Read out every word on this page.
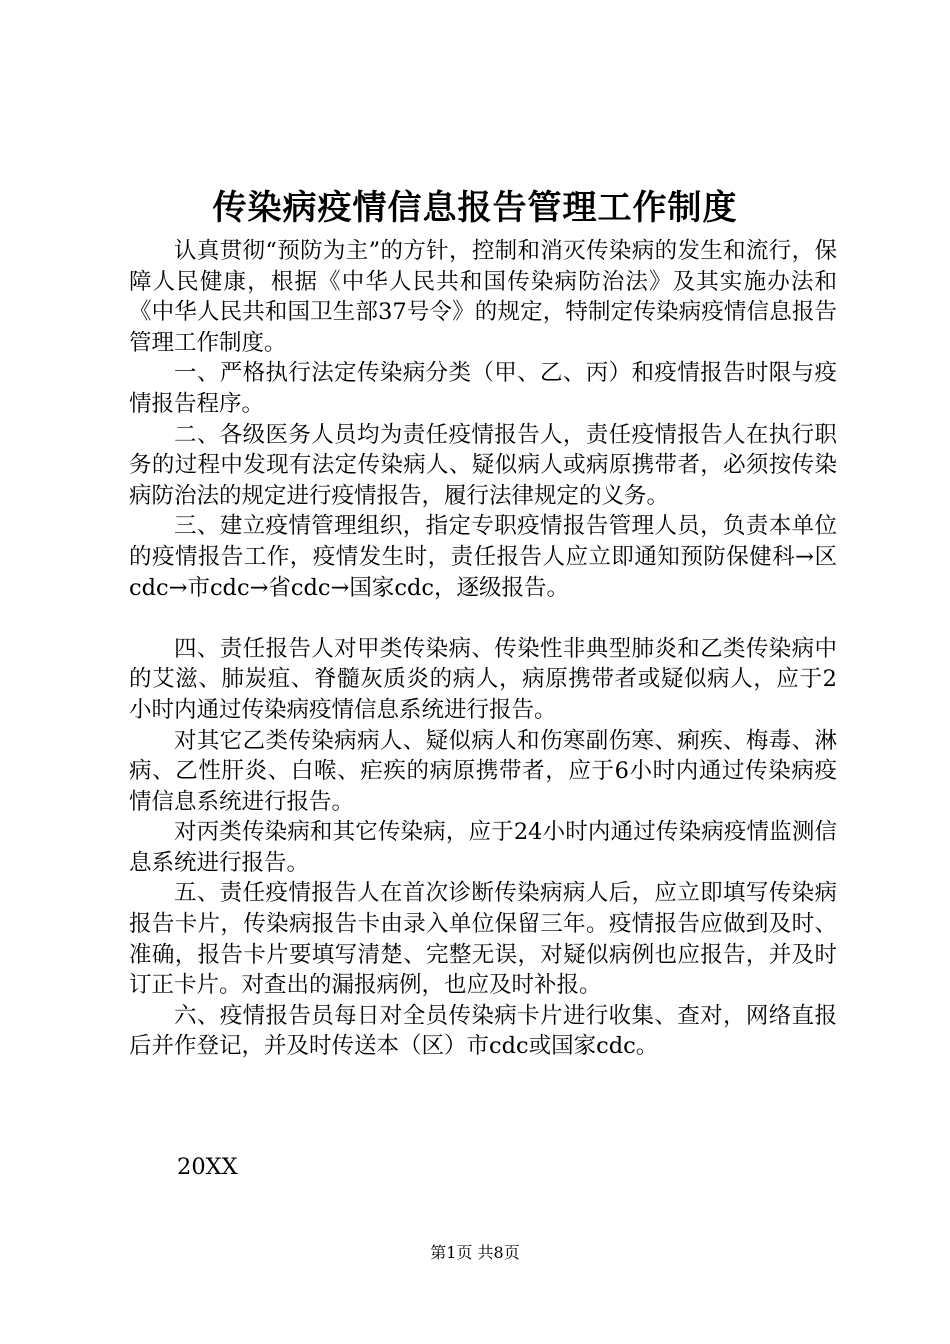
传染病疫情信息报告管理工作制度

认真贯彻“预防为主”的方针，控制和消灭传染病的发生和流行，保障人民健康，根据《中华人民共和国传染病防治法》及其实施办法和《中华人民共和国卫生部37号令》的规定，特制定传染病疫情信息报告管理工作制度。

一、严格执行法定传染病分类（甲、乙、丙）和疫情报告时限与疫情报告程序。

二、各级医务人员均为责任疫情报告人，责任疫情报告人在执行职务的过程中发现有法定传染病人、疑似病人或病原携带者，必须按传染病防治法的规定进行疫情报告，履行法律规定的义务。

三、建立疫情管理组织，指定专职疫情报告管理人员，负责本单位的疫情报告工作，疫情发生时，责任报告人应立即通知预防保健科→区cdc→市cdc→省cdc→国家cdc，逐级报告。

四、责任报告人对甲类传染病、传染性非典型肺炎和乙类传染病中的艾滋、肺炭疽、脊髓灰质炎的病人，病原携带者或疑似病人，应于2小时内通过传染病疫情信息系统进行报告。

对其它乙类传染病病人、疑似病人和伤寒副伤寒、痢疾、梅毒、淋病、乙性肝炎、白喉、疟疾的病原携带者，应于6小时内通过传染病疫情信息系统进行报告。

对丙类传染病和其它传染病，应于24小时内通过传染病疫情监测信息系统进行报告。

五、责任疫情报告人在首次诊断传染病病人后，应立即填写传染病报告卡片，传染病报告卡由录入单位保留三年。疫情报告应做到及时、准确，报告卡片要填写清楚、完整无误，对疑似病例也应报告，并及时订正卡片。对查出的漏报病例，也应及时补报。

六、疫情报告员每日对全员传染病卡片进行收集、查对，网络直报后并作登记，并及时传送本（区）市cdc或国家cdc。

20XX
第1页 共8页
